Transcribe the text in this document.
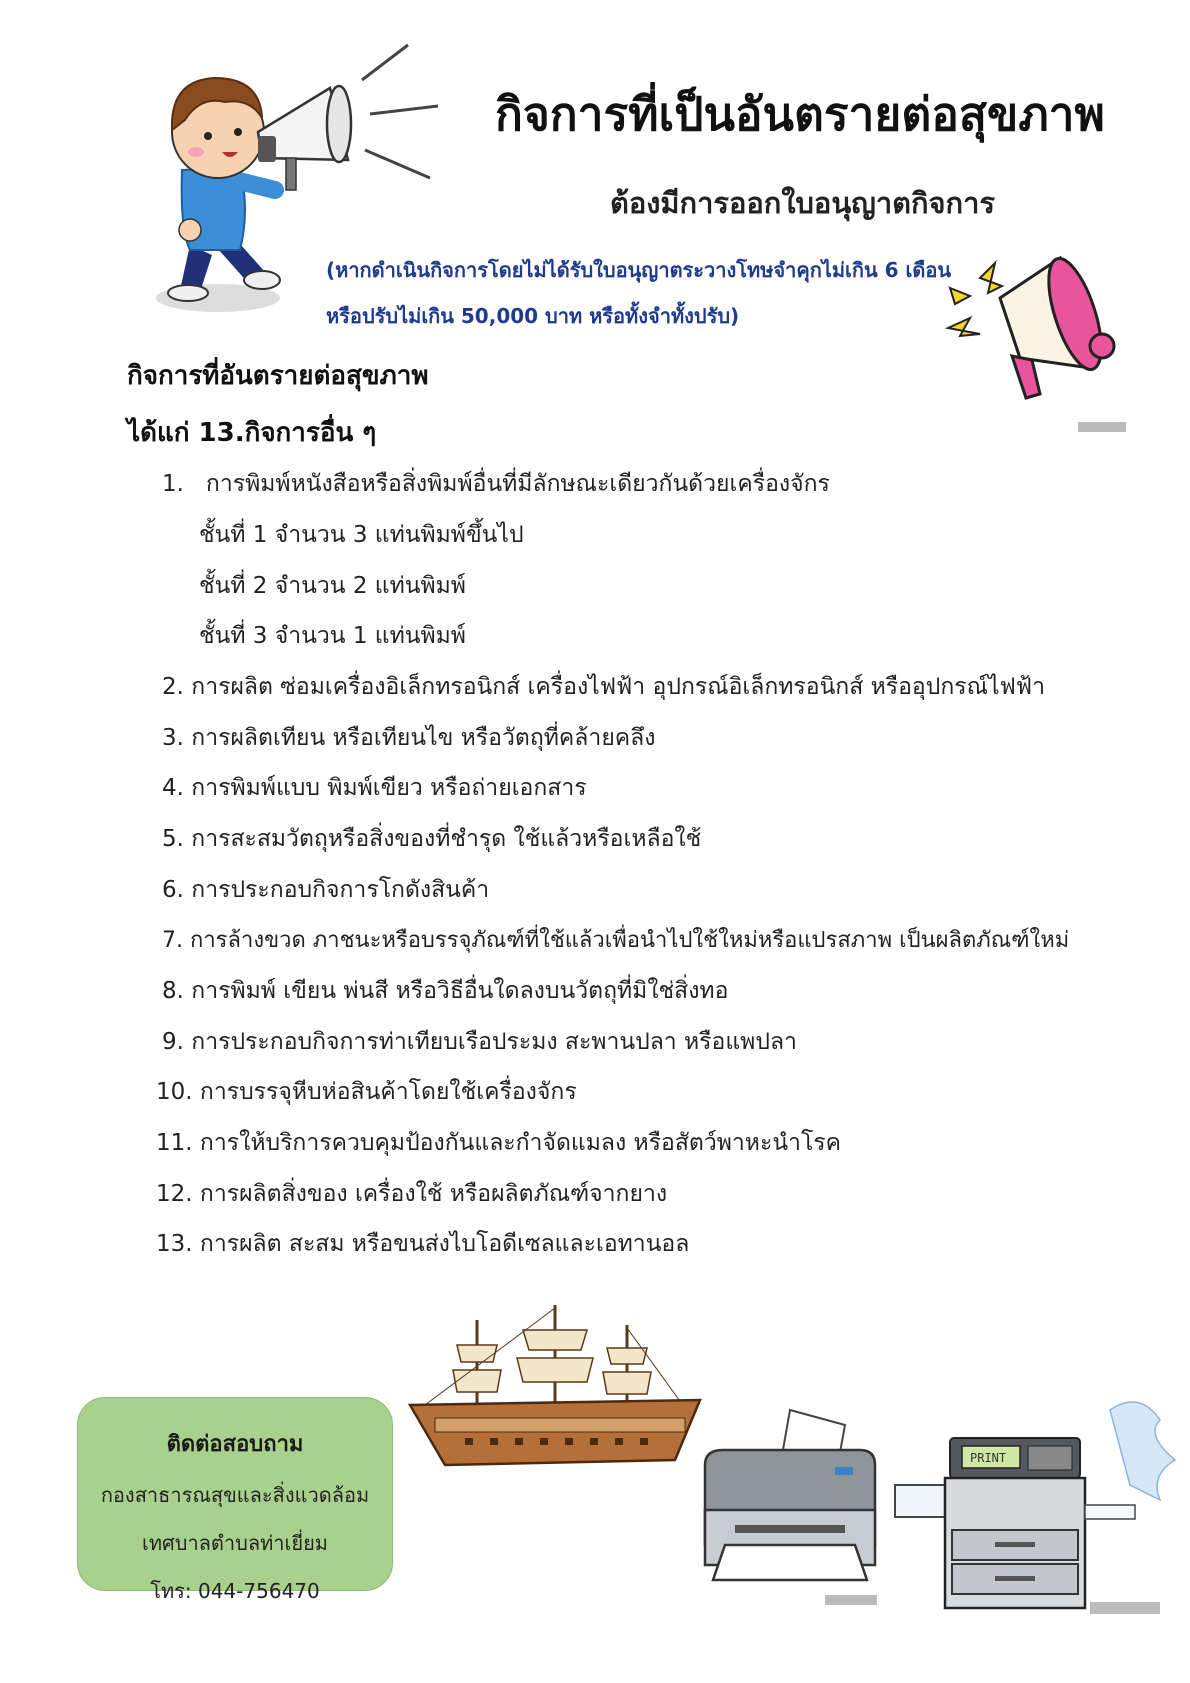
กิจการที่เป็นอันตรายต่อสุขภาพ
ต้องมีการออกใบอนุญาตกิจการ
(หากดำเนินกิจการโดยไม่ได้รับใบอนุญาตระวางโทษจำคุกไม่เกิน 6 เดือน
หรือปรับไม่เกิน 50,000 บาท หรือทั้งจำทั้งปรับ)
กิจการที่อันตรายต่อสุขภาพ
ได้แก่ 13.กิจการอื่น ๆ
1. การพิมพ์หนังสือหรือสิ่งพิมพ์อื่นที่มีลักษณะเดียวกันด้วยเครื่องจักร
ชั้นที่ 1 จำนวน 3 แท่นพิมพ์ขึ้นไป
ชั้นที่ 2 จำนวน 2 แท่นพิมพ์
ชั้นที่ 3 จำนวน 1 แท่นพิมพ์
2. การผลิต ซ่อมเครื่องอิเล็กทรอนิกส์ เครื่องไฟฟ้า อุปกรณ์อิเล็กทรอนิกส์ หรืออุปกรณ์ไฟฟ้า
3. การผลิตเทียน หรือเทียนไข หรือวัตถุที่คล้ายคลึง
4. การพิมพ์แบบ พิมพ์เขียว หรือถ่ายเอกสาร
5. การสะสมวัตถุหรือสิ่งของที่ชำรุด ใช้แล้วหรือเหลือใช้
6. การประกอบกิจการโกดังสินค้า
7. การล้างขวด ภาชนะหรือบรรจุภัณฑ์ที่ใช้แล้วเพื่อนำไปใช้ใหม่หรือแปรสภาพ เป็นผลิตภัณฑ์ใหม่
8. การพิมพ์ เขียน พ่นสี หรือวิธีอื่นใดลงบนวัตถุที่มิใช่สิ่งทอ
9. การประกอบกิจการท่าเทียบเรือประมง สะพานปลา หรือแพปลา
10. การบรรจุหีบห่อสินค้าโดยใช้เครื่องจักร
11. การให้บริการควบคุมป้องกันและกำจัดแมลง หรือสัตว์พาหะนำโรค
12. การผลิตสิ่งของ เครื่องใช้ หรือผลิตภัณฑ์จากยาง
13. การผลิต สะสม หรือขนส่งไบโอดีเซลและเอทานอล
ติดต่อสอบถาม
กองสาธารณสุขและสิ่งแวดล้อม
เทศบาลตำบลท่าเยี่ยม
โทร: 044-756470
PRINT
